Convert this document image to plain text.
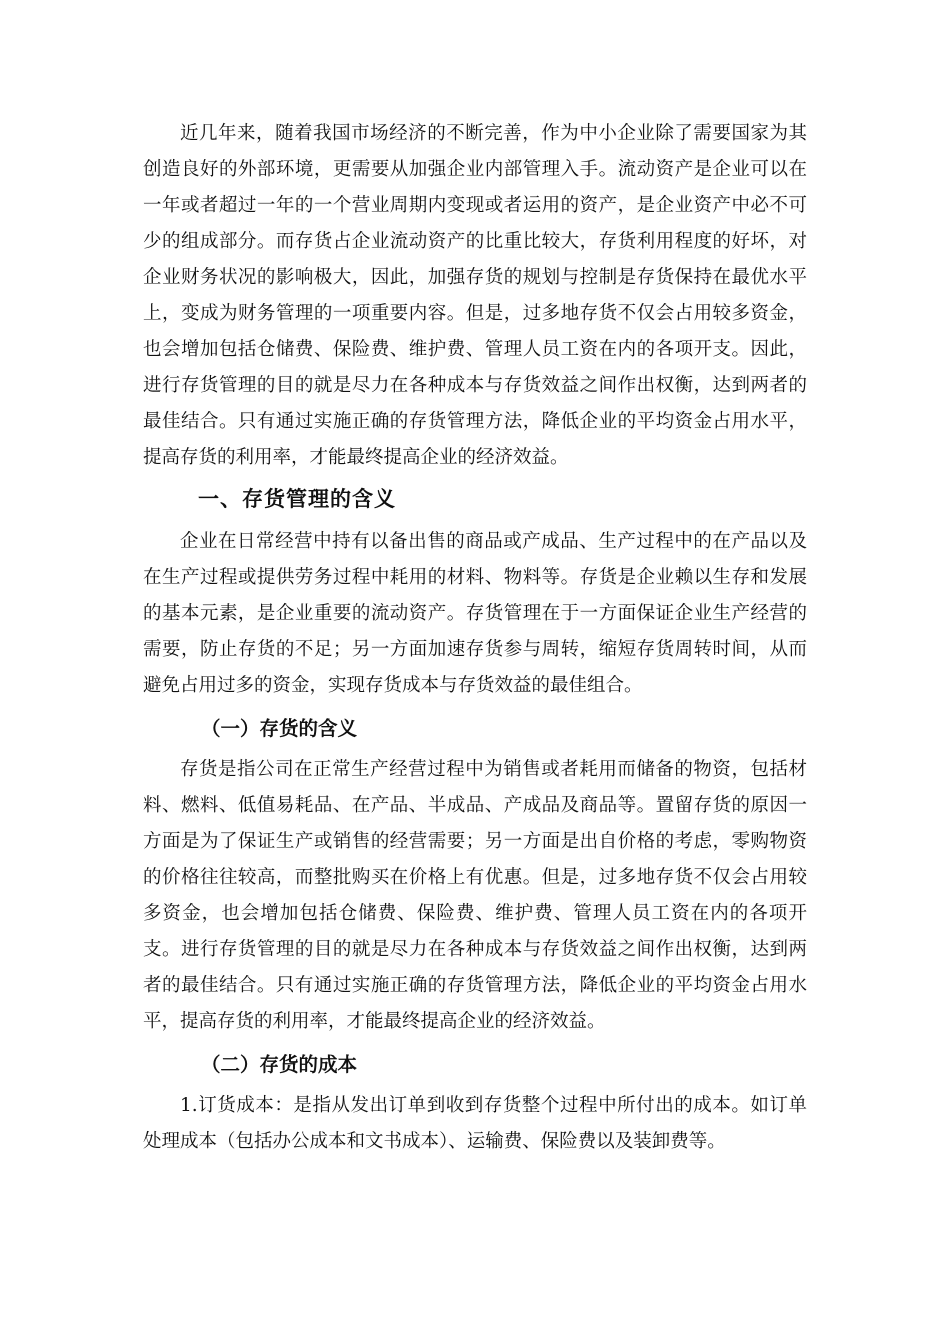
近几年来，随着我国市场经济的不断完善，作为中小企业除了需要国家为其创造良好的外部环境，更需要从加强企业内部管理入手。流动资产是企业可以在一年或者超过一年的一个营业周期内变现或者运用的资产，是企业资产中必不可少的组成部分。而存货占企业流动资产的比重比较大，存货利用程度的好坏，对企业财务状况的影响极大，因此，加强存货的规划与控制是存货保持在最优水平上，变成为财务管理的一项重要内容。但是，过多地存货不仅会占用较多资金，也会增加包括仓储费、保险费、维护费、管理人员工资在内的各项开支。因此，进行存货管理的目的就是尽力在各种成本与存货效益之间作出权衡，达到两者的最佳结合。只有通过实施正确的存货管理方法，降低企业的平均资金占用水平，提高存货的利用率，才能最终提高企业的经济效益。

一、存货管理的含义

企业在日常经营中持有以备出售的商品或产成品、生产过程中的在产品以及在生产过程或提供劳务过程中耗用的材料、物料等。存货是企业赖以生存和发展的基本元素，是企业重要的流动资产。存货管理在于一方面保证企业生产经营的需要，防止存货的不足；另一方面加速存货参与周转，缩短存货周转时间，从而避免占用过多的资金，实现存货成本与存货效益的最佳组合。

（一）存货的含义

存货是指公司在正常生产经营过程中为销售或者耗用而储备的物资，包括材料、燃料、低值易耗品、在产品、半成品、产成品及商品等。置留存货的原因一方面是为了保证生产或销售的经营需要；另一方面是出自价格的考虑，零购物资的价格往往较高，而整批购买在价格上有优惠。但是，过多地存货不仅会占用较多资金，也会增加包括仓储费、保险费、维护费、管理人员工资在内的各项开支。进行存货管理的目的就是尽力在各种成本与存货效益之间作出权衡，达到两者的最佳结合。只有通过实施正确的存货管理方法，降低企业的平均资金占用水平，提高存货的利用率，才能最终提高企业的经济效益。

（二）存货的成本

1.订货成本：是指从发出订单到收到存货整个过程中所付出的成本。如订单处理成本（包括办公成本和文书成本）、运输费、保险费以及装卸费等。
